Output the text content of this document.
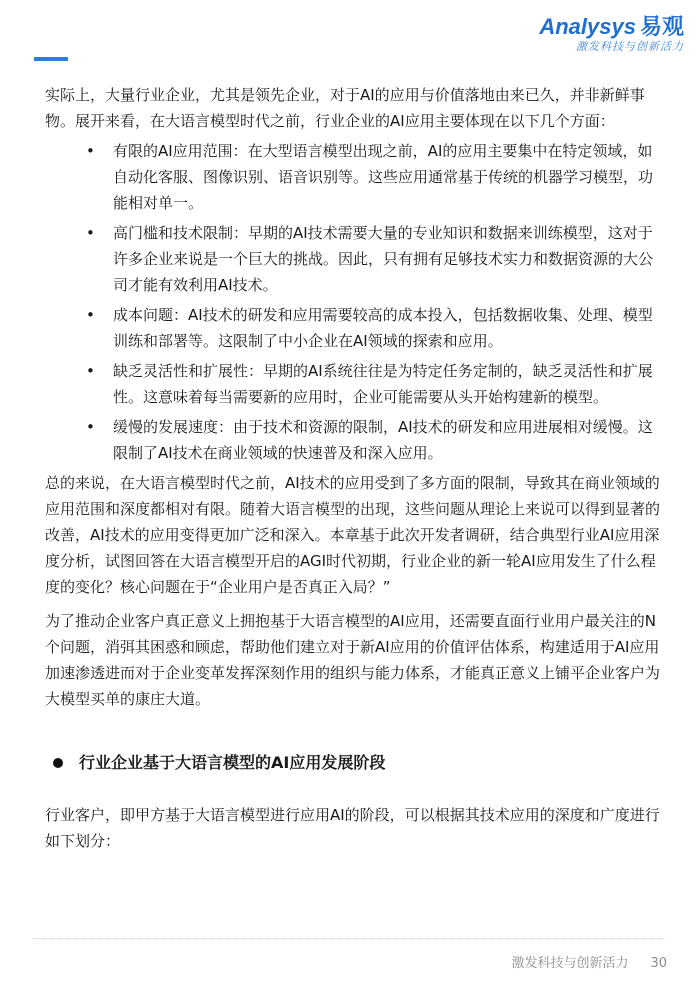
Analysys 易观
激发科技与创新活力

实际上，大量行业企业，尤其是领先企业，对于AI的应用与价值落地由来已久，并非新鲜事物。展开来看，在大语言模型时代之前，行业企业的AI应用主要体现在以下几个方面：

• 有限的AI应用范围：在大型语言模型出现之前，AI的应用主要集中在特定领域，如自动化客服、图像识别、语音识别等。这些应用通常基于传统的机器学习模型，功能相对单一。
• 高门槛和技术限制：早期的AI技术需要大量的专业知识和数据来训练模型，这对于许多企业来说是一个巨大的挑战。因此，只有拥有足够技术实力和数据资源的大公司才能有效利用AI技术。
• 成本问题：AI技术的研发和应用需要较高的成本投入，包括数据收集、处理、模型训练和部署等。这限制了中小企业在AI领域的探索和应用。
• 缺乏灵活性和扩展性：早期的AI系统往往是为特定任务定制的，缺乏灵活性和扩展性。这意味着每当需要新的应用时，企业可能需要从头开始构建新的模型。
• 缓慢的发展速度：由于技术和资源的限制，AI技术的研发和应用进展相对缓慢。这限制了AI技术在商业领域的快速普及和深入应用。

总的来说，在大语言模型时代之前，AI技术的应用受到了多方面的限制，导致其在商业领域的应用范围和深度都相对有限。随着大语言模型的出现，这些问题从理论上来说可以得到显著的改善，AI技术的应用变得更加广泛和深入。本章基于此次开发者调研，结合典型行业AI应用深度分析，试图回答在大语言模型开启的AGI时代初期，行业企业的新一轮AI应用发生了什么程度的变化？核心问题在于“企业用户是否真正入局？”

为了推动企业客户真正意义上拥抱基于大语言模型的AI应用，还需要直面行业用户最关注的N个问题，消弭其困惑和顾虑，帮助他们建立对于新AI应用的价值评估体系，构建适用于AI应用加速渗透进而对于企业变革发挥深刻作用的组织与能力体系，才能真正意义上铺平企业客户为大模型买单的康庄大道。

行业企业基于大语言模型的AI应用发展阶段

行业客户，即甲方基于大语言模型进行应用AI的阶段，可以根据其技术应用的深度和广度进行如下划分：

激发科技与创新活力 30
